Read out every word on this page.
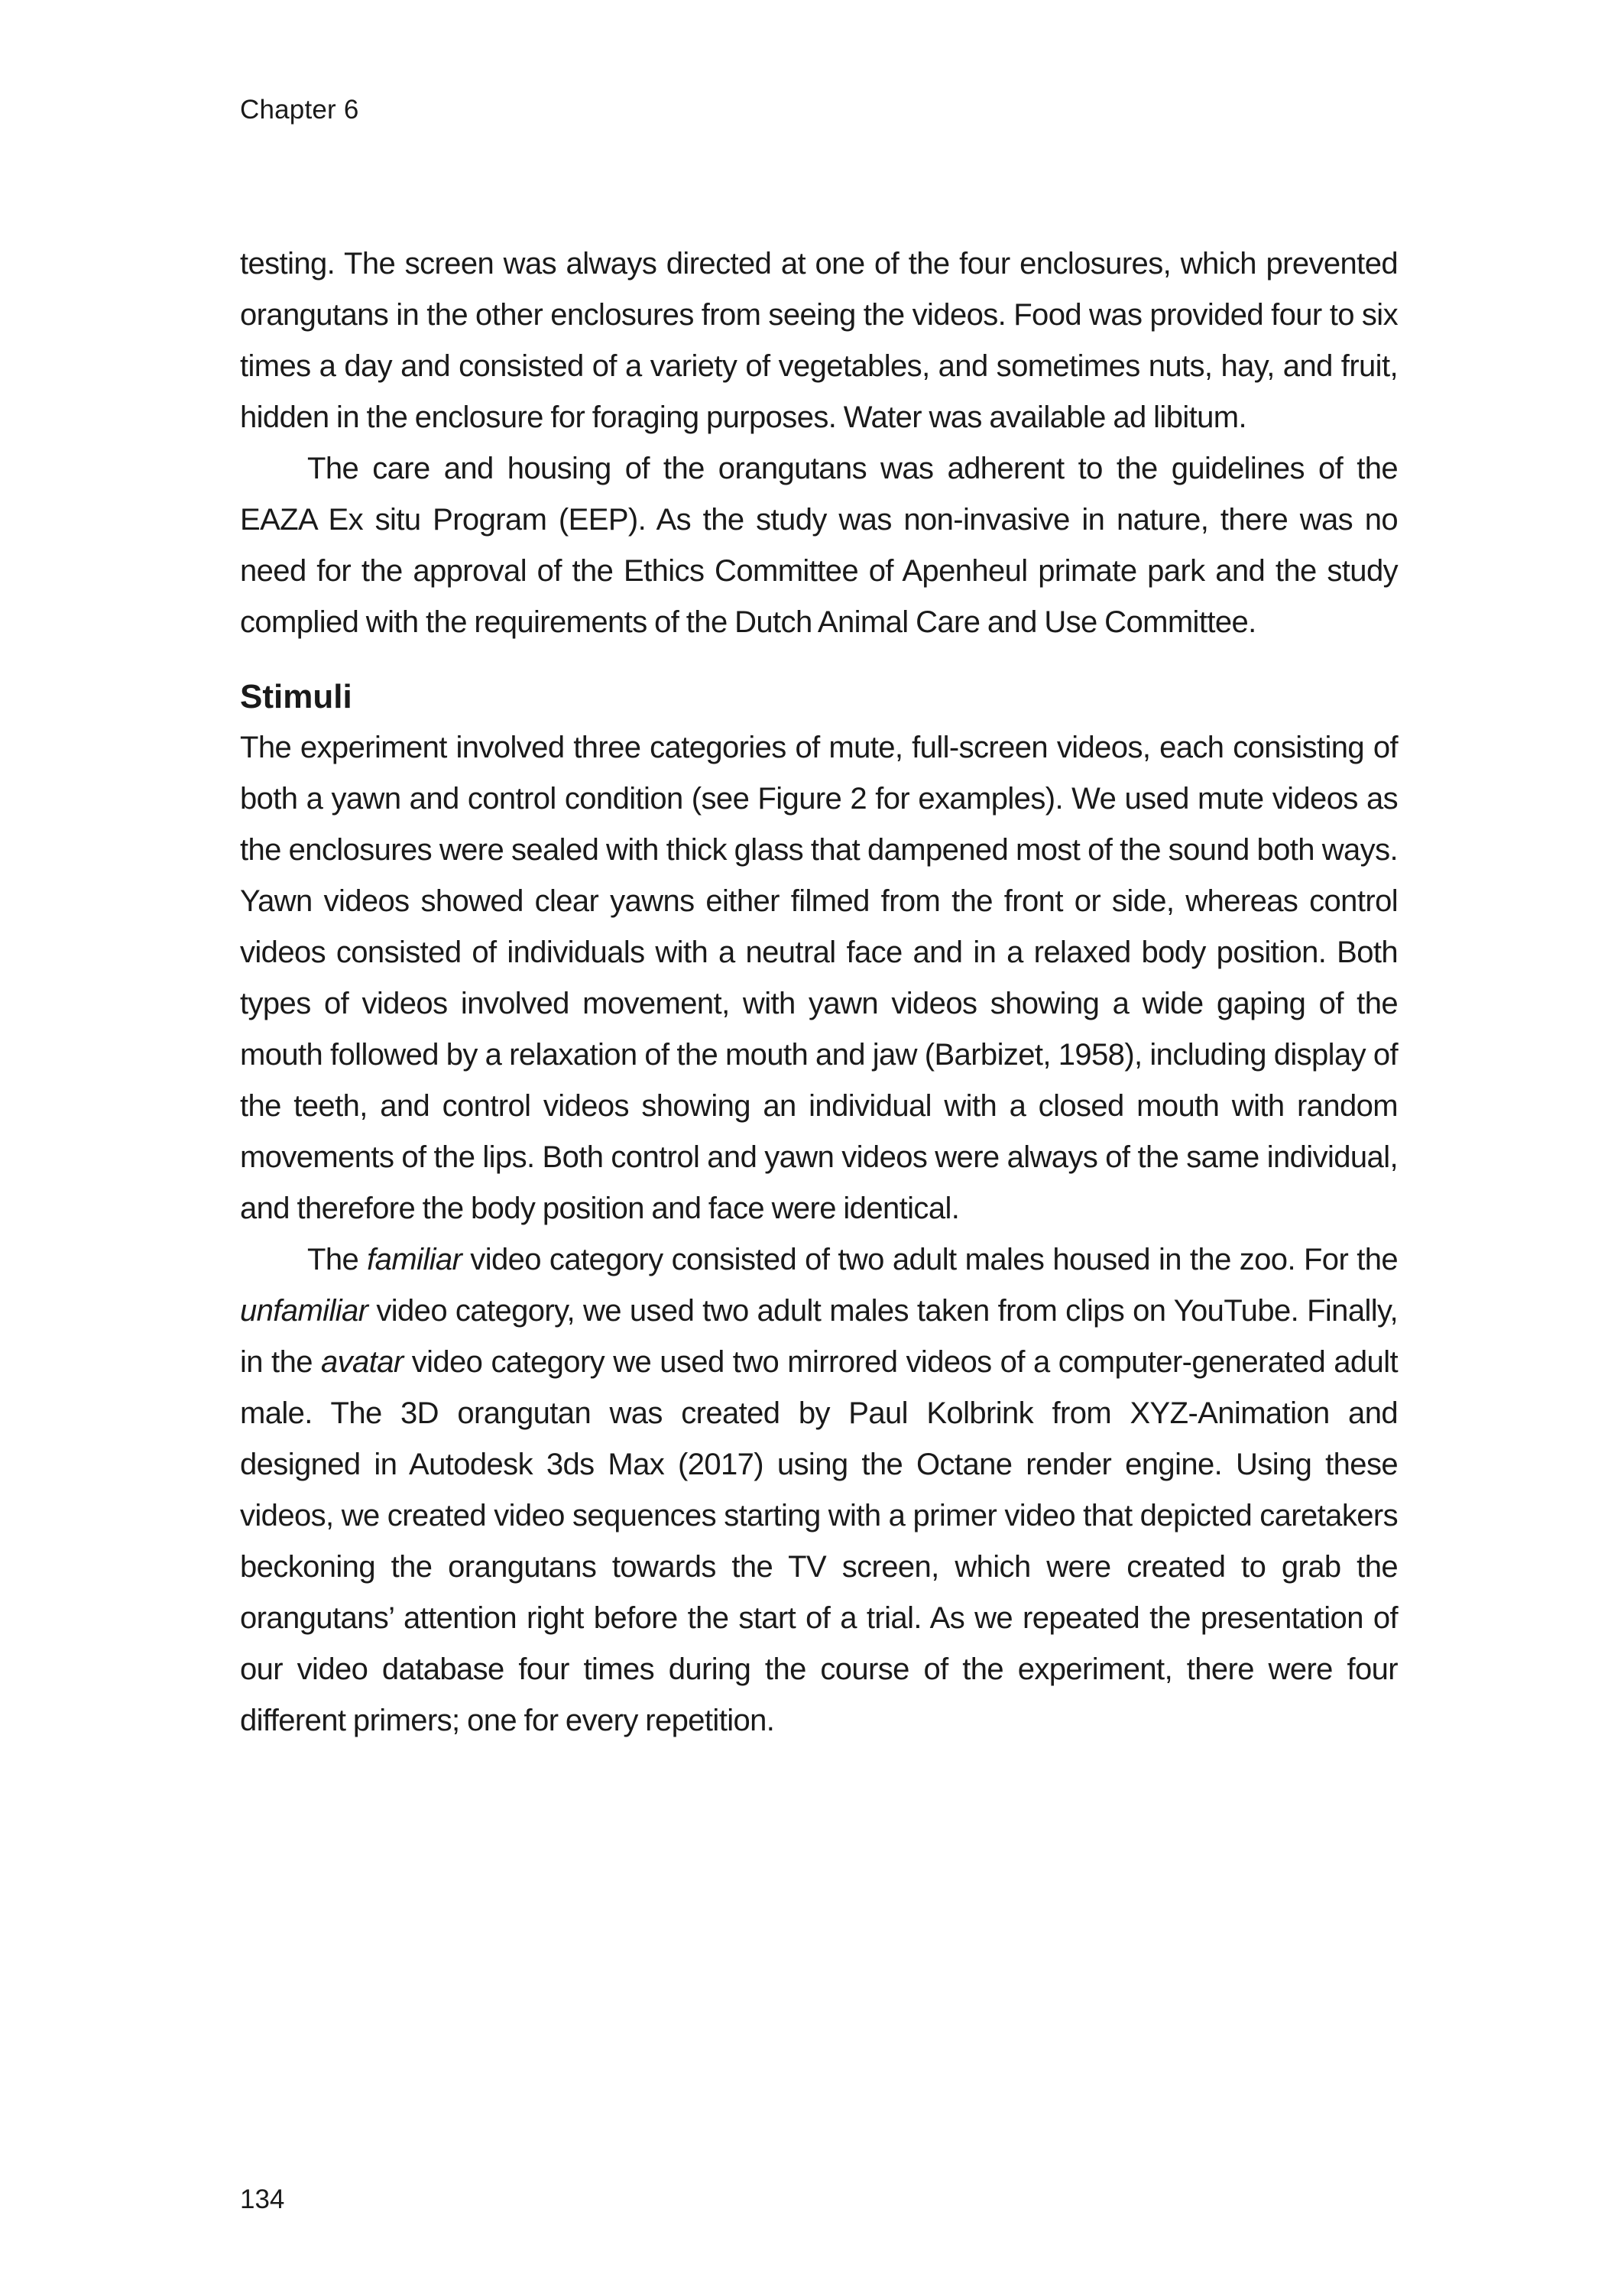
Chapter 6

testing. The screen was always directed at one of the four enclosures, which prevented orangutans in the other enclosures from seeing the videos. Food was provided four to six times a day and consisted of a variety of vegetables, and sometimes nuts, hay, and fruit, hidden in the enclosure for foraging purposes. Water was available ad libitum.

The care and housing of the orangutans was adherent to the guidelines of the EAZA Ex situ Program (EEP). As the study was non-invasive in nature, there was no need for the approval of the Ethics Committee of Apenheul primate park and the study complied with the requirements of the Dutch Animal Care and Use Committee.

Stimuli

The experiment involved three categories of mute, full-screen videos, each consisting of both a yawn and control condition (see Figure 2 for examples). We used mute videos as the enclosures were sealed with thick glass that dampened most of the sound both ways. Yawn videos showed clear yawns either filmed from the front or side, whereas control videos consisted of individuals with a neutral face and in a relaxed body position. Both types of videos involved movement, with yawn videos showing a wide gaping of the mouth followed by a relaxation of the mouth and jaw (Barbizet, 1958), including display of the teeth, and control videos showing an individual with a closed mouth with random movements of the lips. Both control and yawn videos were always of the same individual, and therefore the body position and face were identical.

The familiar video category consisted of two adult males housed in the zoo. For the unfamiliar video category, we used two adult males taken from clips on YouTube. Finally, in the avatar video category we used two mirrored videos of a computer-generated adult male. The 3D orangutan was created by Paul Kolbrink from XYZ-Animation and designed in Autodesk 3ds Max (2017) using the Octane render engine. Using these videos, we created video sequences starting with a primer video that depicted caretakers beckoning the orangutans towards the TV screen, which were created to grab the orangutans’ attention right before the start of a trial. As we repeated the presentation of our video database four times during the course of the experiment, there were four different primers; one for every repetition.

134
